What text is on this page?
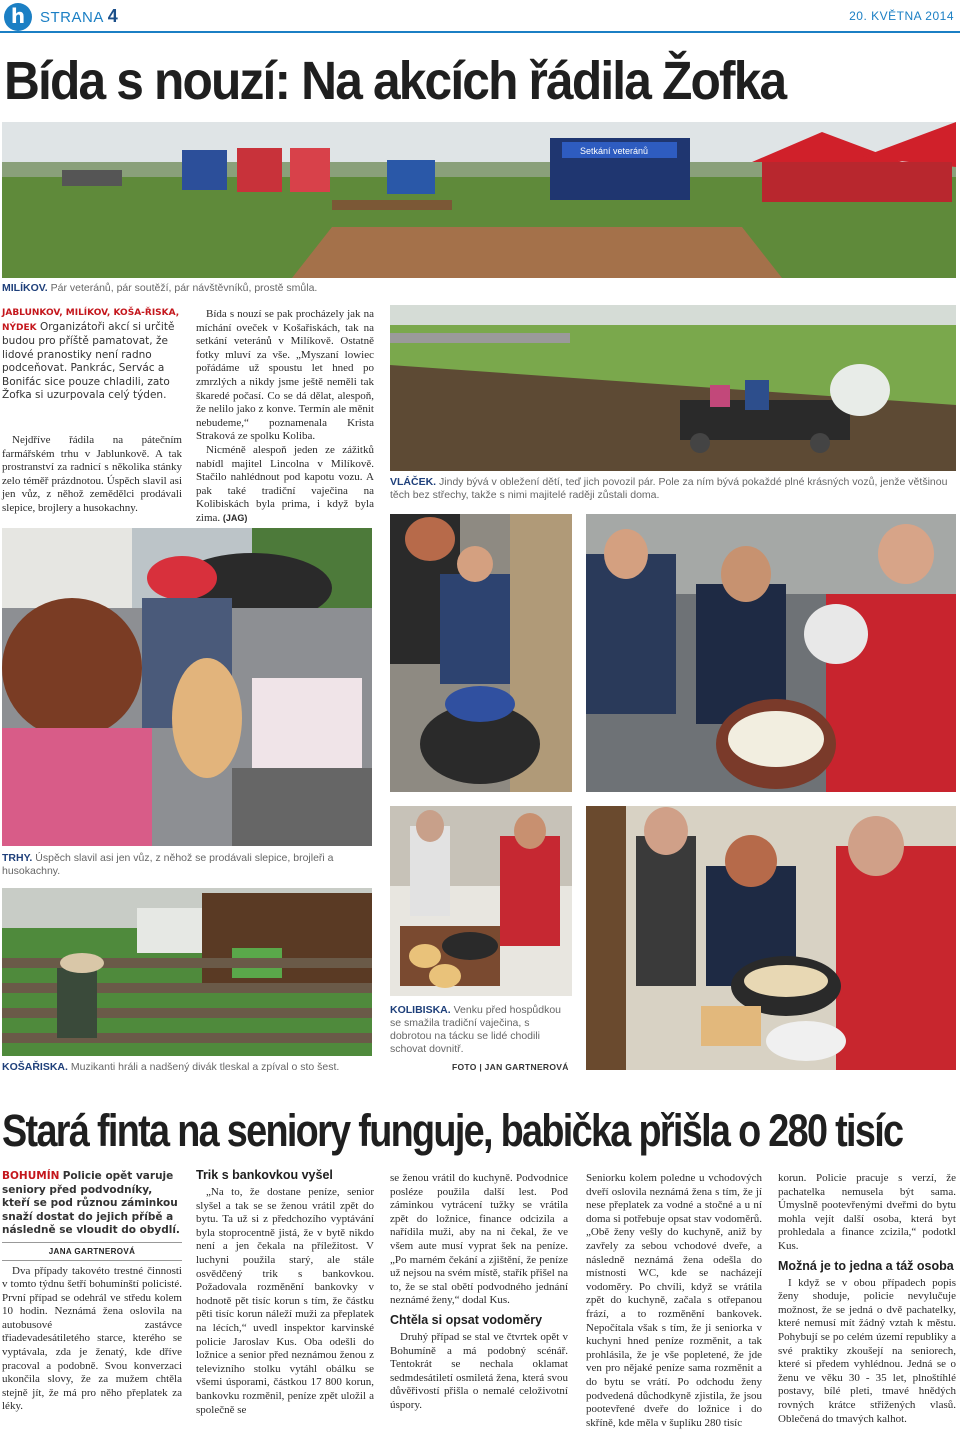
h STRANA 4	20. KVĚTNA 2014
Bída s nouzí: Na akcích řádila Žofka
Setkání veteránů
MILÍKOV. Pár veteránů, pár soutěží, pár návštěvníků, prostě smůla.
JABLUNKOV, MILÍKOV, KOŠA-ŘISKA, NÝDEK Organizátoři akcí si určitě budou pro příště pamatovat, že lidové pranostiky není radno podceňovat. Pankrác, Servác a Bonifác sice pouze chladili, zato Žofka si uzurpovala celý týden.

Nejdříve řádila na pátečním farmářském trhu v Jablunkově. A tak prostranství za radnicí s několika stánky zelo téměř prázdnotou. Úspěch slavil asi jen vůz, z něhož zemědělci prodávali slepice, brojlery a husokachny.

Bída s nouzí se pak procházely jak na míchání oveček v Košařiskách, tak na setkání veteránů v Milíkově. Ostatně fotky mluví za vše. „Myszaní lowiec pořádáme už spoustu let hned po zmrzlých a nikdy jsme ještě neměli tak škaredé počasí. Co se dá dělat, alespoň, že nelilo jako z konve. Termín ale měnit nebudeme,“ poznamenala Krista Straková ze spolku Koliba.

Nicméně alespoň jeden ze zážitků nabídl majitel Lincolna v Milíkově. Stačilo nahlédnout pod kapotu vozu. A pak také tradiční vaječina na Kolibiskách byla prima, i když byla zima. (JAG)

VLÁČEK. Jindy bývá v obležení dětí, teď jich povozil pár. Pole za ním bývá pokaždé plné krásných vozů, jenže většinou těch bez střechy, takže s nimi majitelé raději zůstali doma.
TRHY. Úspěch slavil asi jen vůz, z něhož se prodávali slepice, brojleři a husokachny.
KOŠAŘISKA. Muzikanti hráli a nadšený divák tleskal a zpíval o sto šest.
KOLIBISKA. Venku před hospůdkou se smažila tradiční vaječina, s dobrotou na tácku se lidé chodili schovat dovnitř.
FOTO | JAN GARTNEROVÁ
Stará finta na seniory funguje, babička přišla o 280 tisíc
BOHUMÍN Policie opět varuje seniory před podvodníky, kteří se pod různou záminkou snaží dostat do jejich příbě a následně se vloudit do obydlí.
JANA GARTNEROVÁ

Dva případy takovéto trestné činnosti v tomto týdnu šetří bohumínští policisté. První případ se odehrál ve středu kolem 10 hodin. Neznámá žena oslovila na autobusové zastávce třiadevadesátiletého starce, kterého se vyptávala, zda je ženatý, kde dříve pracoval a podobně. Svou konverzaci ukončila slovy, že za mužem chtěla stejně jít, že má pro něho přeplatek za léky.

Trik s bankovkou vyšel

„Na to, že dostane peníze, senior slyšel a tak se se ženou vrátil zpět do bytu. Ta už si z předchozího vyptávání byla stoprocentně jistá, že v bytě nikdo není a jen čekala na příležitost. V luchyni použila starý, ale stále osvědčený trik s bankovkou. Požadovala rozměnění bankovky v hodnotě pět tisíc korun s tím, že částku pěti tisíc korun náleží muži za přeplatek na lécích,“ uvedl inspektor karvinské policie Jaroslav Kus. Oba odešli do ložnice a senior před neznámou ženou z televizního stolku vytáhl obálku se všemi úsporami, částkou 17 800 korun, bankovku rozměnil, peníze zpět uložil a společně se

se ženou vrátil do kuchyně. Podvodnice posléze použila další lest. Pod záminkou vytrácení tužky se vrátila zpět do ložnice, finance odcizila a nařídila muži, aby na ni čekal, že ve všem aute musí vyprat šek na peníze. „Po marném čekání a zjištění, že peníze už nejsou na svém místě, stařík přišel na to, že se stal obětí podvodného jednání neznámé ženy,“ dodal Kus.

Chtěla si opsat vodoměry

Druhý případ se stal ve čtvrtek opět v Bohumíně a má podobný scénář. Tentokrát se nechala oklamat sedmdesátiletí osmiletá žena, která svou důvěřivostí přišla o nemalé celoživotní úspory.

Seniorku kolem poledne u vchodových dveří oslovila neznámá žena s tím, že jí nese přeplatek za vodné a stočné a u ní doma si potřebuje opsat stav vodoměrů. „Obě ženy vešly do kuchyně, aniž by zavřely za sebou vchodové dveře, a následně neznámá žena odešla do místnosti WC, kde se nacházejí vodoměry. Po chvíli, když se vrátila zpět do kuchyně, začala s otřepanou frází, a to rozměnění bankovek. Nepočítala však s tím, že ji seniorka v kuchyni hned peníze rozměnit, a tak prohlásila, že je vše popletené, že jde ven pro nějaké peníze sama rozměnit a do bytu se vrátí. Po odchodu ženy podvedená důchodkyně zjistila, že jsou pootevřené dveře do ložnice i do skříně, kde měla v šuplíku 280 tisíc

korun. Policie pracuje s verzí, že pachatelka nemusela být sama. Úmyslně pootevřenými dveřmi do bytu mohla vejít další osoba, která byt prohledala a finance zcizila,“ podotkl Kus.

Možná je to jedna a táž osoba

I když se v obou případech popis ženy shoduje, policie nevylučuje možnost, že se jedná o dvě pachatelky, které nemusí mít žádný vztah k městu. Pohybují se po celém území republiky a své praktiky zkoušejí na seniorech, které si předem vyhlédnou. Jedná se o ženu ve věku 30 - 35 let, plnoštíhlé postavy, bílé pleti, tmavé hnědých rovných krátce střižených vlasů. Oblečená do tmavých kalhot.
